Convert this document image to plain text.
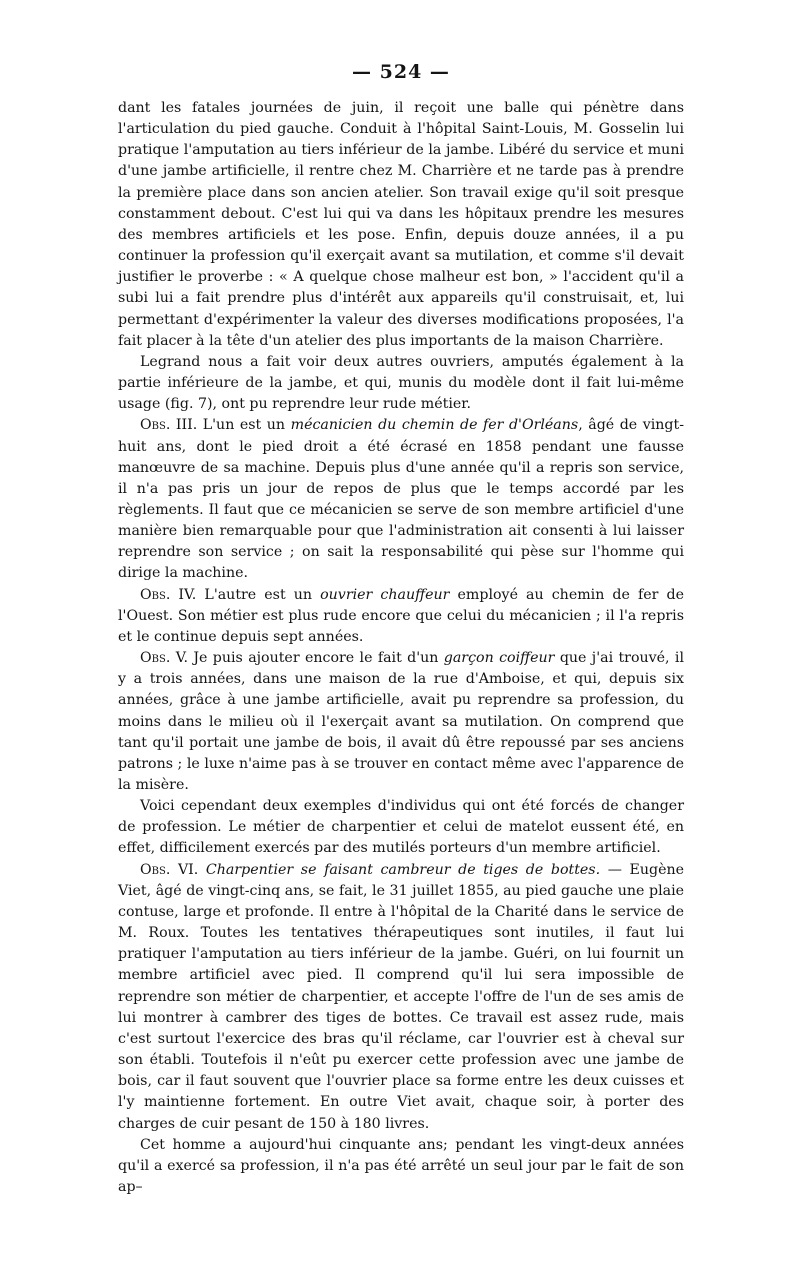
— 524 —

dant les fatales journées de juin, il reçoit une balle qui pénètre dans l'articulation du pied gauche. Conduit à l'hôpital Saint-Louis, M. Gosselin lui pratique l'amputation au tiers inférieur de la jambe. Libéré du service et muni d'une jambe artificielle, il rentre chez M. Charrière et ne tarde pas à prendre la première place dans son ancien atelier. Son travail exige qu'il soit presque constamment debout. C'est lui qui va dans les hôpitaux prendre les mesures des membres artificiels et les pose. Enfin, depuis douze années, il a pu continuer la profession qu'il exerçait avant sa mutilation, et comme s'il devait justifier le proverbe : « A quelque chose malheur est bon, » l'accident qu'il a subi lui a fait prendre plus d'intérêt aux appareils qu'il construisait, et, lui permettant d'expérimenter la valeur des diverses modifications proposées, l'a fait placer à la tête d'un atelier des plus importants de la maison Charrière.

Legrand nous a fait voir deux autres ouvriers, amputés également à la partie inférieure de la jambe, et qui, munis du modèle dont il fait lui-même usage (fig. 7), ont pu reprendre leur rude métier.

Obs. III. L'un est un mécanicien du chemin de fer d'Orléans, âgé de vingt-huit ans, dont le pied droit a été écrasé en 1858 pendant une fausse manœuvre de sa machine. Depuis plus d'une année qu'il a repris son service, il n'a pas pris un jour de repos de plus que le temps accordé par les règlements. Il faut que ce mécanicien se serve de son membre artificiel d'une manière bien remarquable pour que l'administration ait consenti à lui laisser reprendre son service ; on sait la responsabilité qui pèse sur l'homme qui dirige la machine.

Obs. IV. L'autre est un ouvrier chauffeur employé au chemin de fer de l'Ouest. Son métier est plus rude encore que celui du mécanicien ; il l'a repris et le continue depuis sept années.

Obs. V. Je puis ajouter encore le fait d'un garçon coiffeur que j'ai trouvé, il y a trois années, dans une maison de la rue d'Amboise, et qui, depuis six années, grâce à une jambe artificielle, avait pu reprendre sa profession, du moins dans le milieu où il l'exerçait avant sa mutilation. On comprend que tant qu'il portait une jambe de bois, il avait dû être repoussé par ses anciens patrons ; le luxe n'aime pas à se trouver en contact même avec l'apparence de la misère.

Voici cependant deux exemples d'individus qui ont été forcés de changer de profession. Le métier de charpentier et celui de matelot eussent été, en effet, difficilement exercés par des mutilés porteurs d'un membre artificiel.

Obs. VI. Charpentier se faisant cambreur de tiges de bottes. — Eugène Viet, âgé de vingt-cinq ans, se fait, le 31 juillet 1855, au pied gauche une plaie contuse, large et profonde. Il entre à l'hôpital de la Charité dans le service de M. Roux. Toutes les tentatives thérapeutiques sont inutiles, il faut lui pratiquer l'amputation au tiers inférieur de la jambe. Guéri, on lui fournit un membre artificiel avec pied. Il comprend qu'il lui sera impossible de reprendre son métier de charpentier, et accepte l'offre de l'un de ses amis de lui montrer à cambrer des tiges de bottes. Ce travail est assez rude, mais c'est surtout l'exercice des bras qu'il réclame, car l'ouvrier est à cheval sur son établi. Toutefois il n'eût pu exercer cette profession avec une jambe de bois, car il faut souvent que l'ouvrier place sa forme entre les deux cuisses et l'y maintienne fortement. En outre Viet avait, chaque soir, à porter des charges de cuir pesant de 150 à 180 livres.

Cet homme a aujourd'hui cinquante ans; pendant les vingt-deux années qu'il a exercé sa profession, il n'a pas été arrêté un seul jour par le fait de son ap–
